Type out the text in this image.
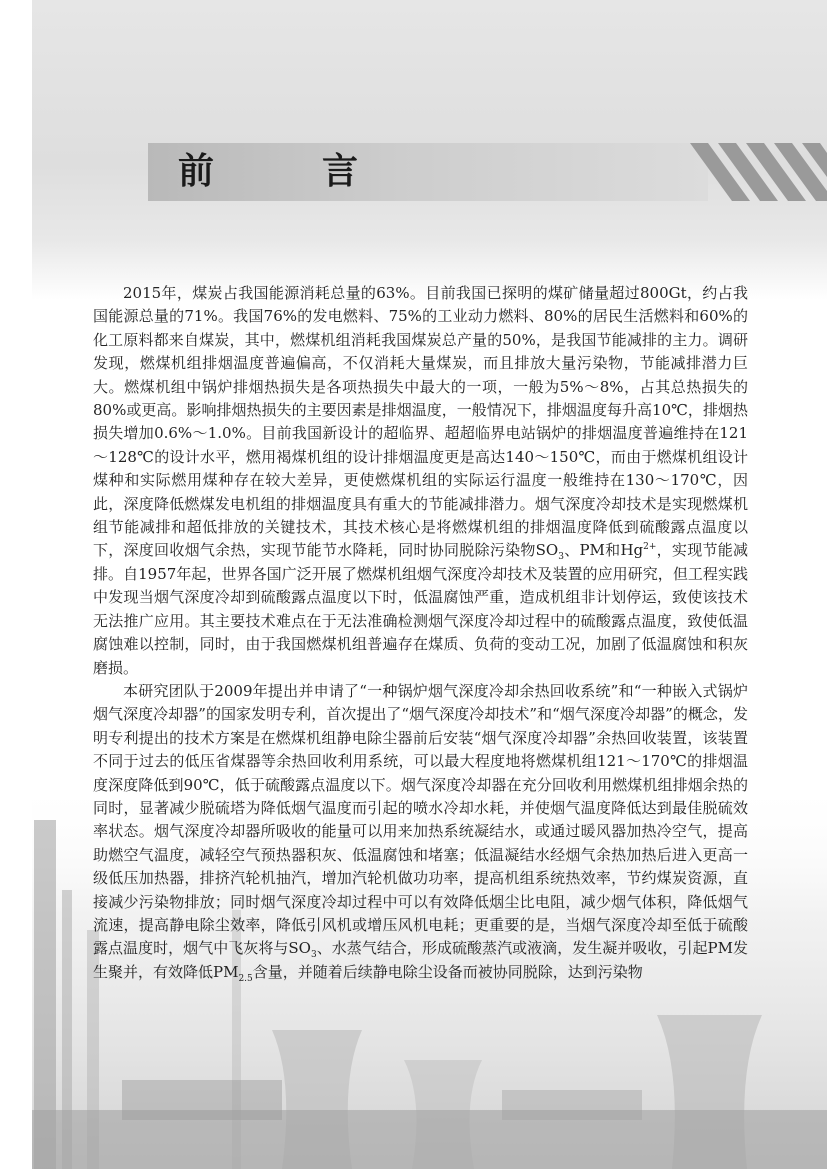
前　言

2015年，煤炭占我国能源消耗总量的63%。目前我国已探明的煤矿储量超过800Gt，约占我国能源总量的71%。我国76%的发电燃料、75%的工业动力燃料、80%的居民生活燃料和60%的化工原料都来自煤炭，其中，燃煤机组消耗我国煤炭总产量的50%，是我国节能减排的主力。调研发现，燃煤机组排烟温度普遍偏高，不仅消耗大量煤炭，而且排放大量污染物，节能减排潜力巨大。燃煤机组中锅炉排烟热损失是各项热损失中最大的一项，一般为5%～8%，占其总热损失的80%或更高。影响排烟热损失的主要因素是排烟温度，一般情况下，排烟温度每升高10℃，排烟热损失增加0.6%～1.0%。目前我国新设计的超临界、超超临界电站锅炉的排烟温度普遍维持在121～128℃的设计水平，燃用褐煤机组的设计排烟温度更是高达140～150℃，而由于燃煤机组设计煤种和实际燃用煤种存在较大差异，更使燃煤机组的实际运行温度一般维持在130～170℃，因此，深度降低燃煤发电机组的排烟温度具有重大的节能减排潜力。烟气深度冷却技术是实现燃煤机组节能减排和超低排放的关键技术，其技术核心是将燃煤机组的排烟温度降低到硫酸露点温度以下，深度回收烟气余热，实现节能节水降耗，同时协同脱除污染物$SO_3$、PM和$Hg^{2+}$，实现节能减排。自1957年起，世界各国广泛开展了燃煤机组烟气深度冷却技术及装置的应用研究，但工程实践中发现当烟气深度冷却到硫酸露点温度以下时，低温腐蚀严重，造成机组非计划停运，致使该技术无法推广应用。其主要技术难点在于无法准确检测烟气深度冷却过程中的硫酸露点温度，致使低温腐蚀难以控制，同时，由于我国燃煤机组普遍存在煤质、负荷的变动工况，加剧了低温腐蚀和积灰磨损。

本研究团队于2009年提出并申请了“一种锅炉烟气深度冷却余热回收系统”和“一种嵌入式锅炉烟气深度冷却器”的国家发明专利，首次提出了“烟气深度冷却技术”和“烟气深度冷却器”的概念，发明专利提出的技术方案是在燃煤机组静电除尘器前后安装“烟气深度冷却器”余热回收装置，该装置不同于过去的低压省煤器等余热回收利用系统，可以最大程度地将燃煤机组121～170℃的排烟温度深度降低到90℃，低于硫酸露点温度以下。烟气深度冷却器在充分回收利用燃煤机组排烟余热的同时，显著减少脱硫塔为降低烟气温度而引起的喷水冷却水耗，并使烟气温度降低达到最佳脱硫效率状态。烟气深度冷却器所吸收的能量可以用来加热系统凝结水，或通过暖风器加热冷空气，提高助燃空气温度，减轻空气预热器积灰、低温腐蚀和堵塞；低温凝结水经烟气余热加热后进入更高一级低压加热器，排挤汽轮机抽汽，增加汽轮机做功功率，提高机组系统热效率，节约煤炭资源，直接减少污染物排放；同时烟气深度冷却过程中可以有效降低烟尘比电阻，减少烟气体积，降低烟气流速，提高静电除尘效率，降低引风机或增压风机电耗；更重要的是，当烟气深度冷却至低于硫酸露点温度时，烟气中飞灰将与$SO_3$、水蒸气结合，形成硫酸蒸汽或液滴，发生凝并吸收，引起PM发生聚并，有效降低$PM_{2.5}$含量，并随着后续静电除尘设备而被协同脱除，达到污染物
